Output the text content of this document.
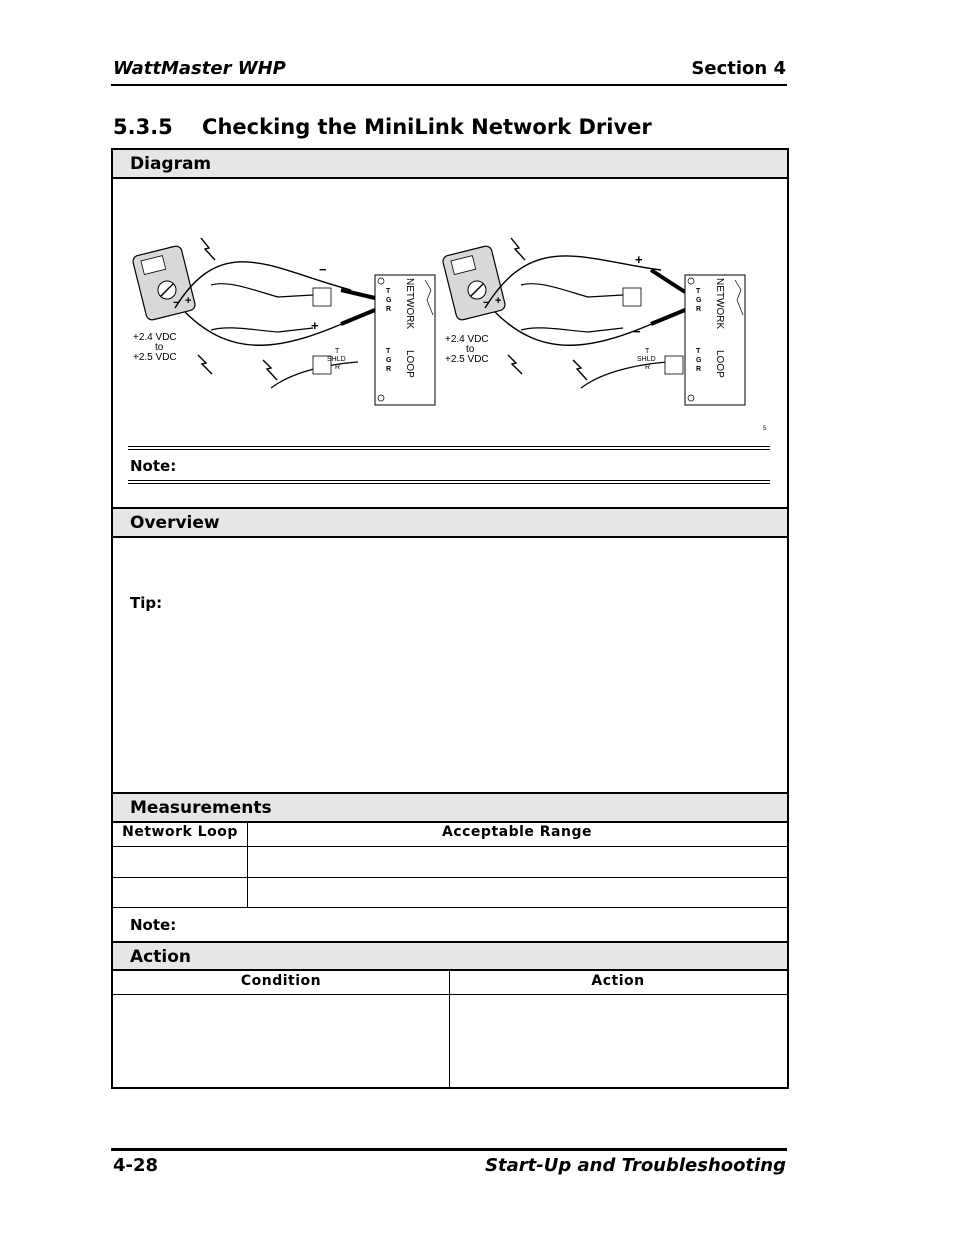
WattMaster WHP	Section 4
5.3.5 Checking the MiniLink Network Driver
Diagram
− +
−
+
T
SHLD
R
T
G
R
T
G
R
NETWORK
LOOP
+2.4 VDC
to
+2.5 VDC
− +
+
−
T
SHLD
R
T
G
R
T
G
R
NETWORK
LOOP
+2.4 VDC
to
+2.5 VDC
5
Note:
Overview
Tip:
Measurements
Network Loop	Acceptable Range
Note:
Action
Condition	Action
4-28	Start-Up and Troubleshooting
